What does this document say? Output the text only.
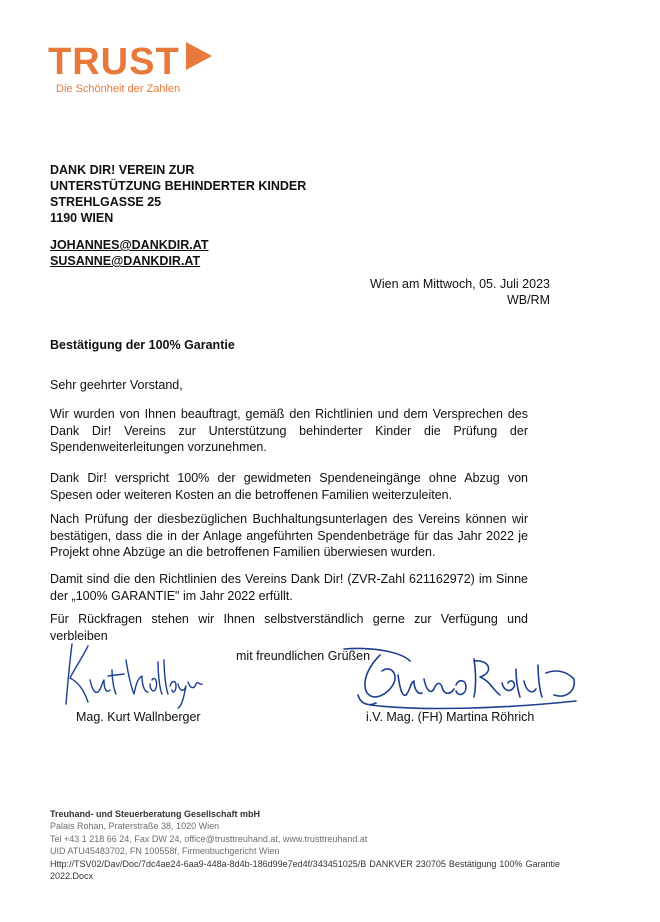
TRUST
Die Schönheit der Zahlen
DANK DIR! VEREIN ZUR
UNTERSTÜTZUNG BEHINDERTER KINDER
STREHLGASSE 25
1190 WIEN
JOHANNES@DANKDIR.AT
SUSANNE@DANKDIR.AT
Wien am Mittwoch, 05. Juli 2023
WB/RM
Bestätigung der 100% Garantie
Sehr geehrter Vorstand,

Wir wurden von Ihnen beauftragt, gemäß den Richtlinien und dem Versprechen des Dank Dir! Vereins zur Unterstützung behinderter Kinder die Prüfung der Spendenweiterleitungen vorzunehmen.

Dank Dir! verspricht 100% der gewidmeten Spendeneingänge ohne Abzug von Spesen oder weiteren Kosten an die betroffenen Familien weiterzuleiten.

Nach Prüfung der diesbezüglichen Buchhaltungsunterlagen des Vereins können wir bestätigen, dass die in der Anlage angeführten Spendenbeträge für das Jahr 2022 je Projekt ohne Abzüge an die betroffenen Familien überwiesen wurden.

Damit sind die den Richtlinien des Vereins Dank Dir! (ZVR-Zahl 621162972) im Sinne der „100% GARANTIE" im Jahr 2022 erfüllt.

Für Rückfragen stehen wir Ihnen selbstverständlich gerne zur Verfügung und verbleiben

mit freundlichen Grüßen
Mag. Kurt Wallnberger	i.V. Mag. (FH) Martina Röhrich
Treuhand- und Steuerberatung Gesellschaft mbH
Palais Rohan, Praterstraße 38, 1020 Wien
Tel +43 1 218 66 24, Fax DW 24, office@trusttreuhand.at, www.trusttreuhand.at
UID ATU45483702, FN 100558f, Firmenbuchgericht Wien
Http://TSV02/Dav/Doc/7dc4ae24-6aa9-448a-8d4b-186d99e7ed4f/343451025/B DANKVER 230705 Bestätigung 100% Garantie 2022.Docx
